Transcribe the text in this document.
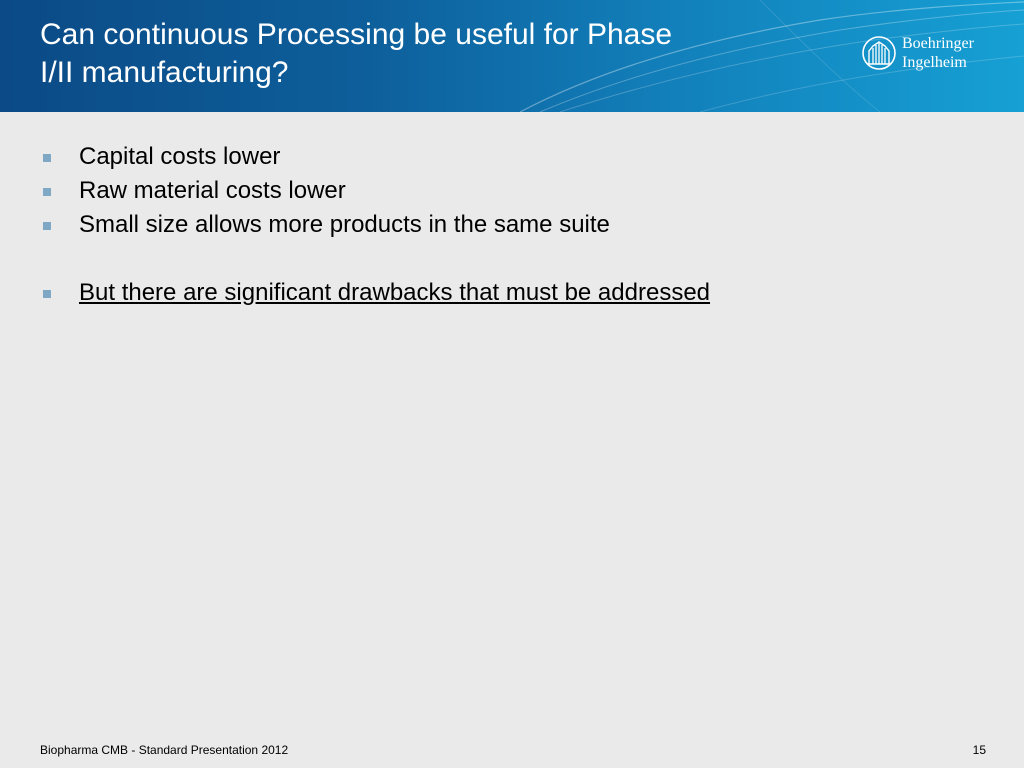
Can continuous Processing be useful for Phase
I/II manufacturing?
Boehringer
Ingelheim
Capital costs lower
Raw material costs lower
Small size allows more products in the same suite
But there are significant drawbacks that must be addressed
Biopharma CMB - Standard Presentation 2012	15
